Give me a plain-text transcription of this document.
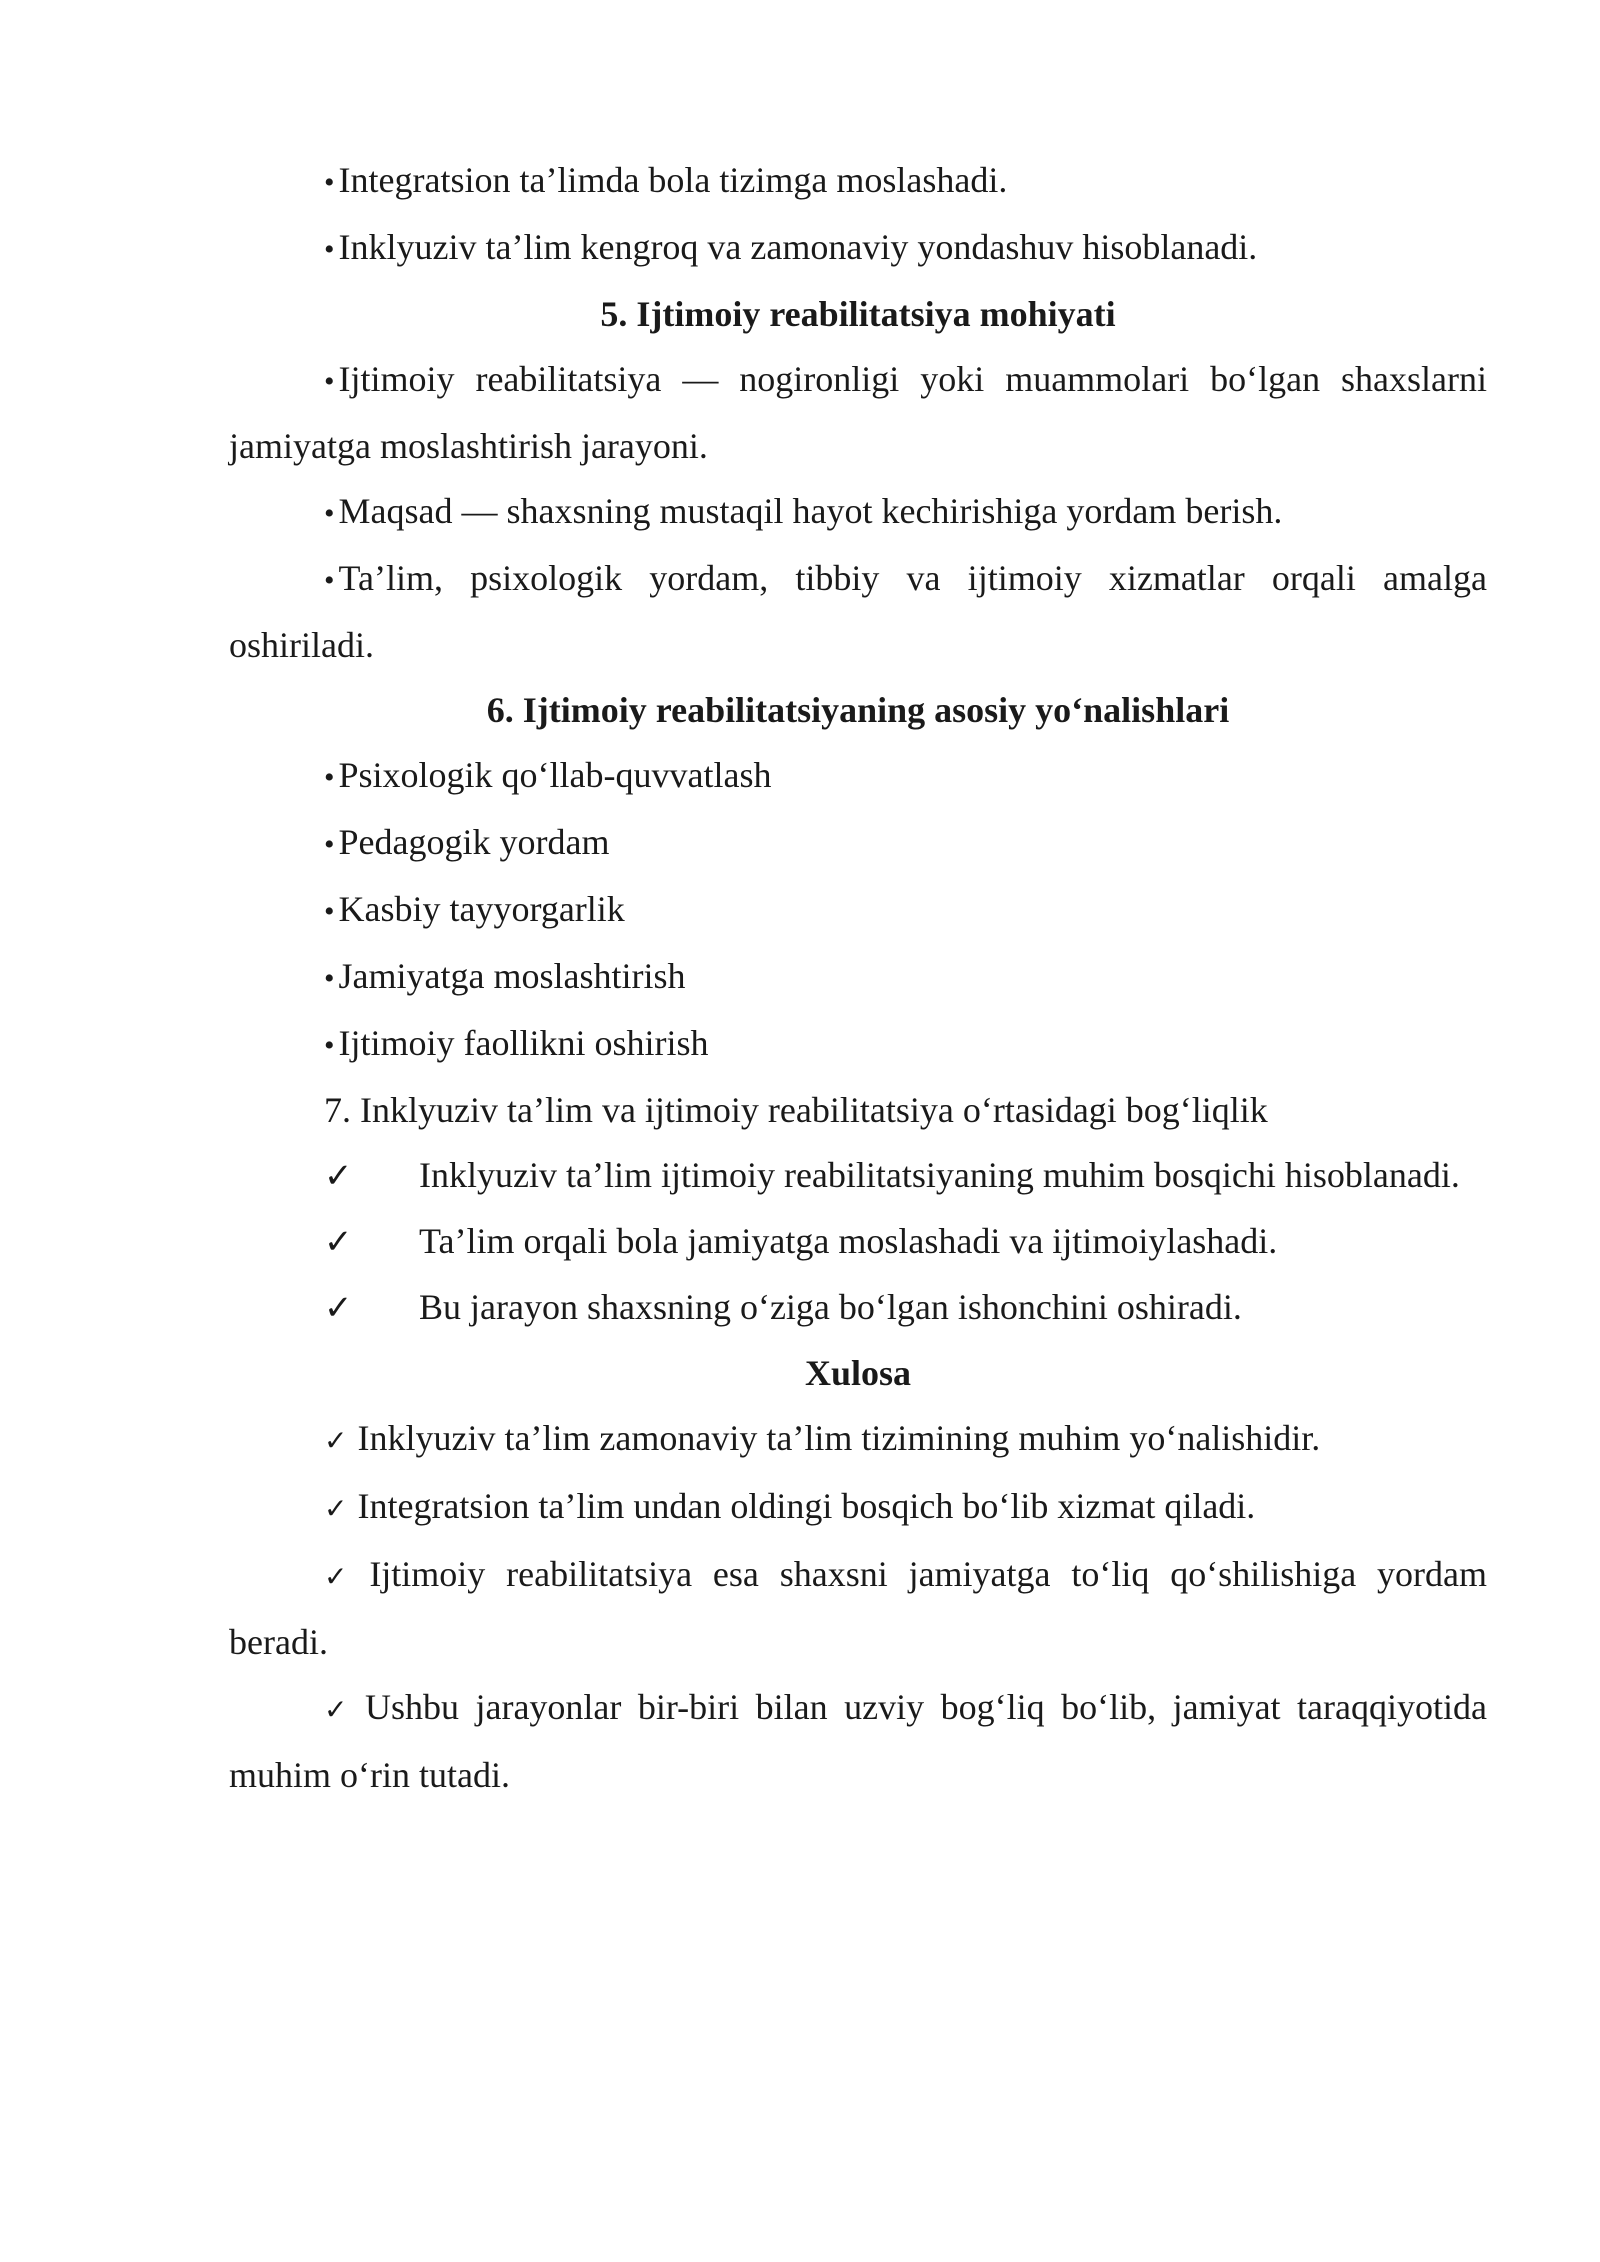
• Integratsion ta’limda bola tizimga moslashadi.

• Inklyuziv ta’lim kengroq va zamonaviy yondashuv hisoblanadi.

5. Ijtimoiy reabilitatsiya mohiyati

• Ijtimoiy reabilitatsiya — nogironligi yoki muammolari bo‘lgan shaxslarni jamiyatga moslashtirish jarayoni.

• Maqsad — shaxsning mustaqil hayot kechirishiga yordam berish.

• Ta’lim, psixologik yordam, tibbiy va ijtimoiy xizmatlar orqali amalga oshiriladi.

6. Ijtimoiy reabilitatsiyaning asosiy yo‘nalishlari

• Psixologik qo‘llab-quvvatlash

• Pedagogik yordam

• Kasbiy tayyorgarlik

• Jamiyatga moslashtirish

• Ijtimoiy faollikni oshirish

7. Inklyuziv ta’lim va ijtimoiy reabilitatsiya o‘rtasidagi bog‘liqlik

✓ Inklyuziv ta’lim ijtimoiy reabilitatsiyaning muhim bosqichi hisoblanadi.

✓ Ta’lim orqali bola jamiyatga moslashadi va ijtimoiylashadi.

✓ Bu jarayon shaxsning o‘ziga bo‘lgan ishonchini oshiradi.

Xulosa

✓ Inklyuziv ta’lim zamonaviy ta’lim tizimining muhim yo‘nalishidir.

✓ Integratsion ta’lim undan oldingi bosqich bo‘lib xizmat qiladi.

✓ Ijtimoiy reabilitatsiya esa shaxsni jamiyatga to‘liq qo‘shilishiga yordam beradi.

✓ Ushbu jarayonlar bir-biri bilan uzviy bog‘liq bo‘lib, jamiyat taraqqiyotida muhim o‘rin tutadi.
